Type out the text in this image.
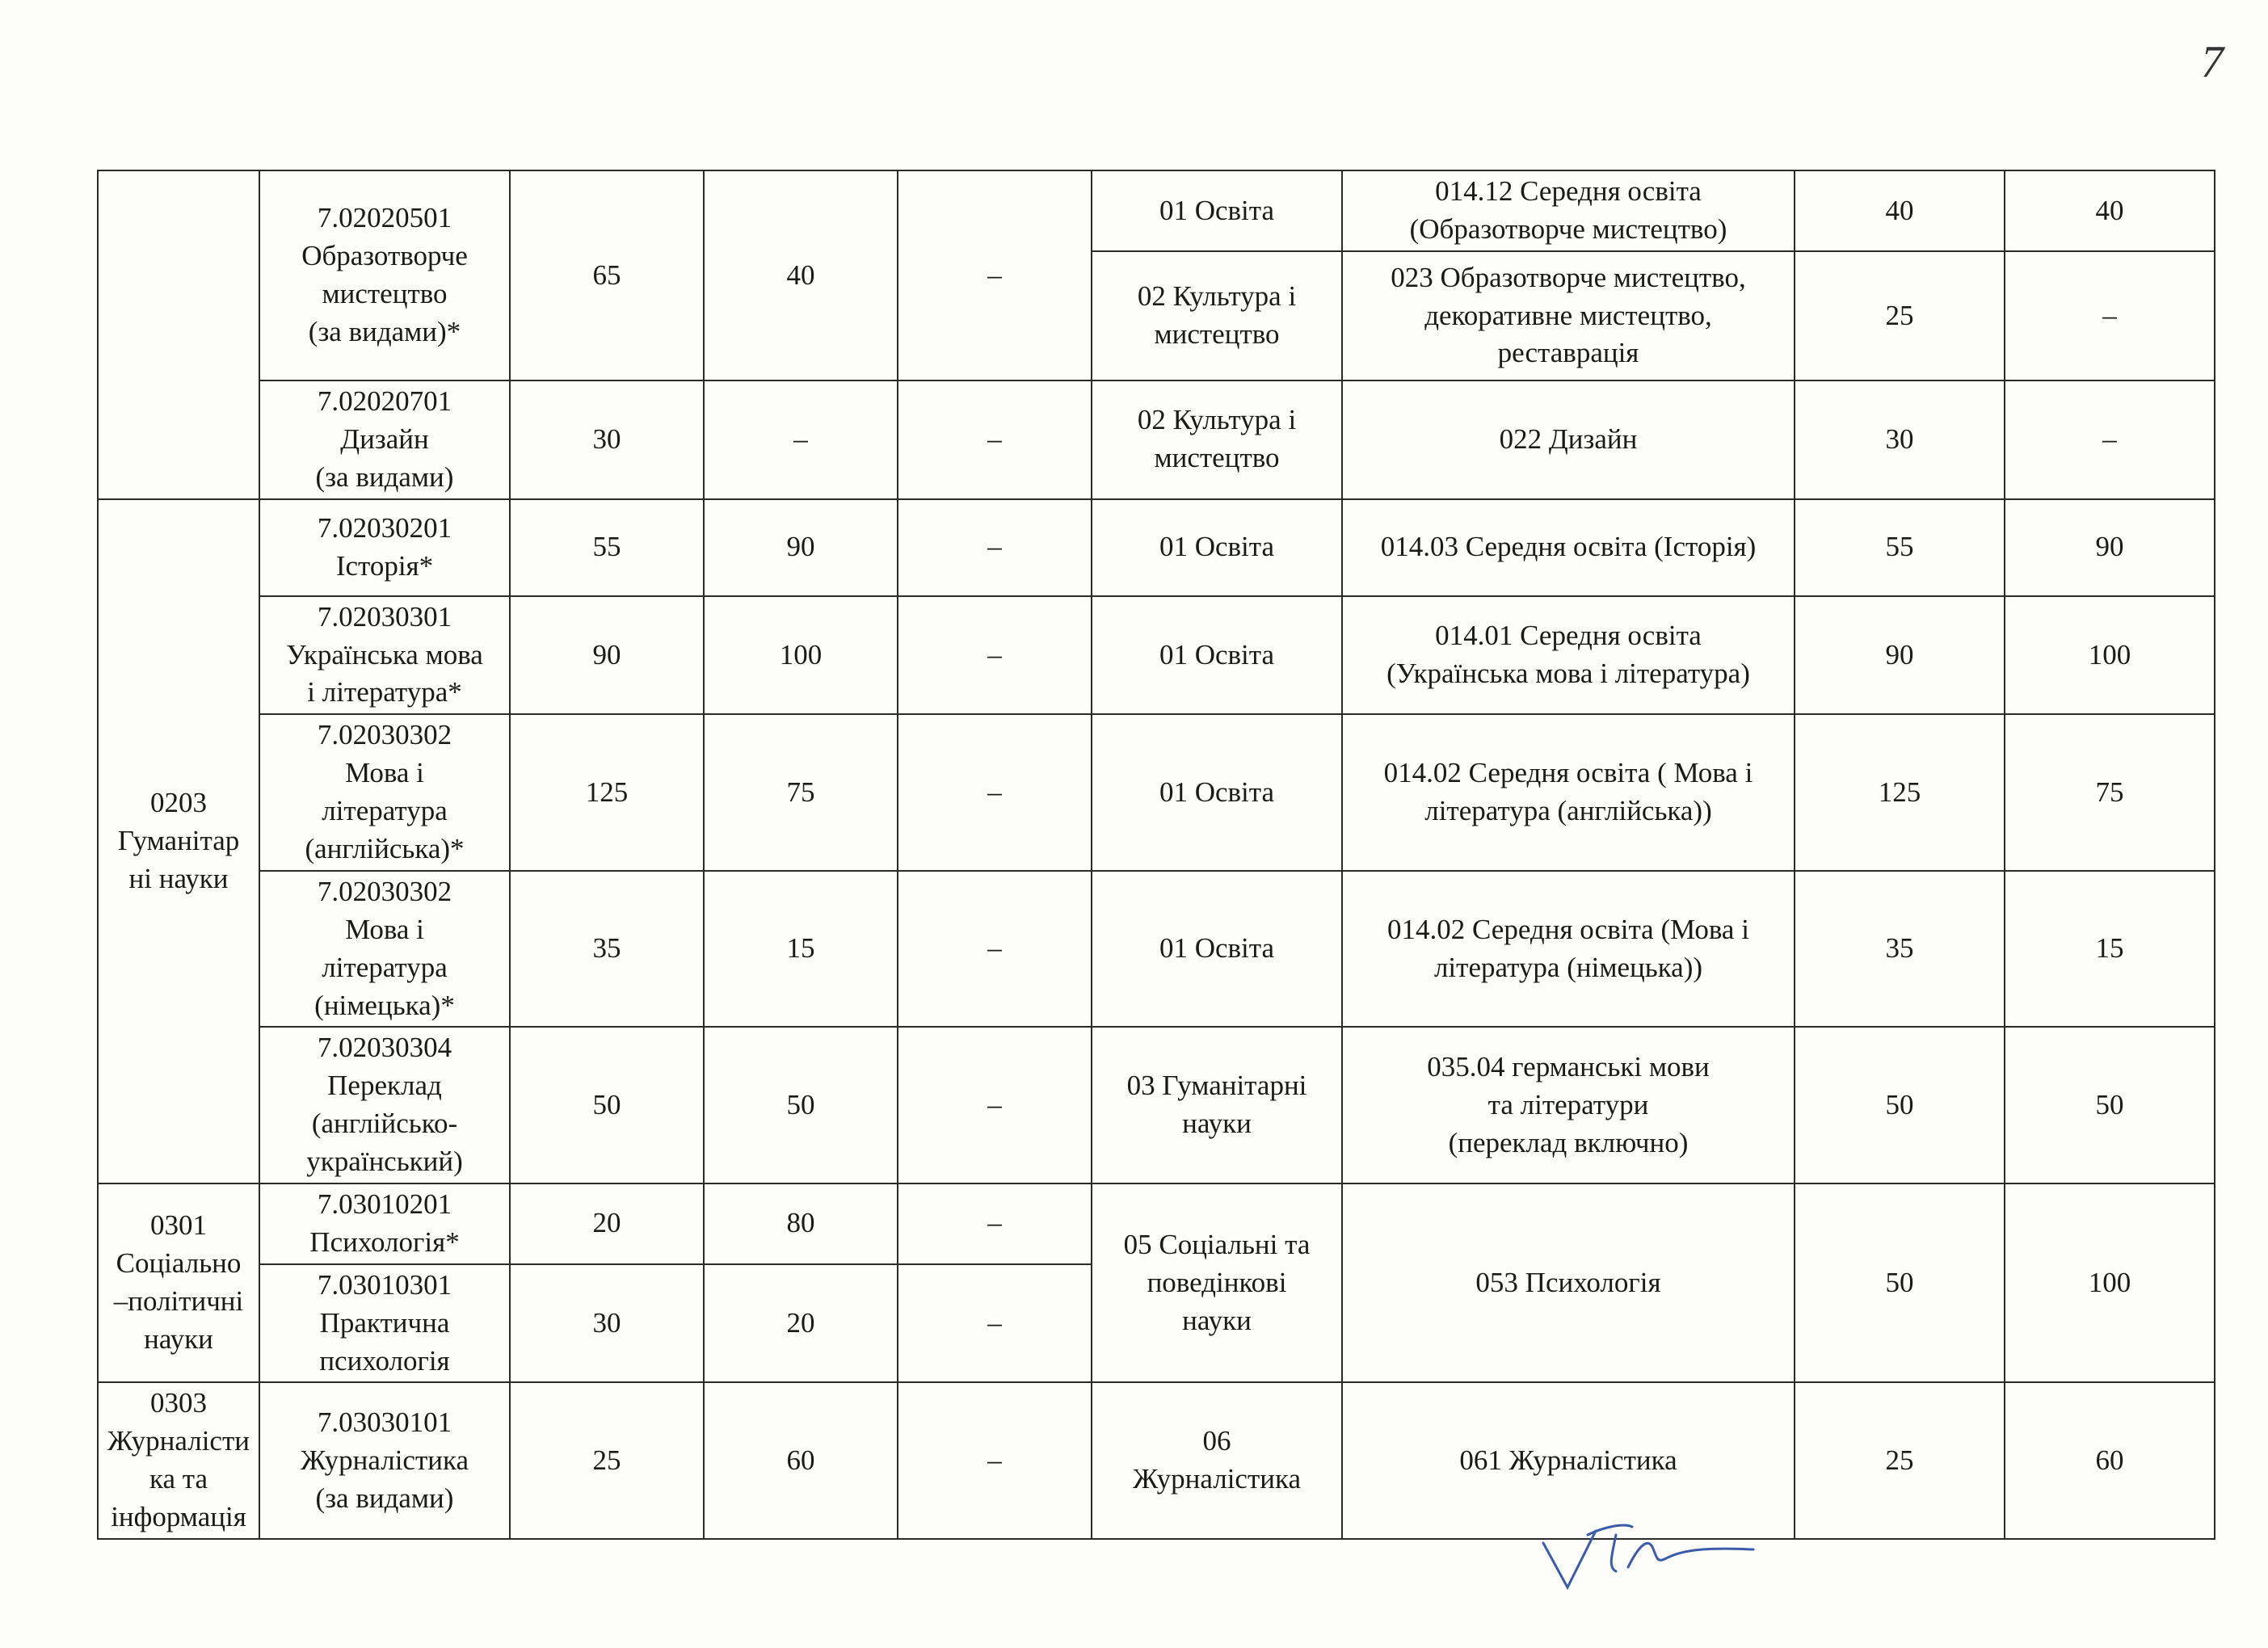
7
	7.02020501
Образотворче
мистецтво
(за видами)*	65	40	–	01 Освіта	014.12 Середня освіта
(Образотворче мистецтво)	40	40
					02 Культура і
мистецтво	023 Образотворче мистецтво,
декоративне мистецтво,
реставрація	25	–
	7.02020701
Дизайн
(за видами)	30	–	–	02 Культура і
мистецтво	022 Дизайн	30	–
0203
Гуманітар
ні науки	7.02030201
Історія*	55	90	–	01 Освіта	014.03 Середня освіта (Історія)	55	90
	7.02030301
Українська мова
і література*	90	100	–	01 Освіта	014.01 Середня освіта
(Українська мова і література)	90	100
	7.02030302
Мова і
література
(англійська)*	125	75	–	01 Освіта	014.02 Середня освіта ( Мова і
література (англійська))	125	75
	7.02030302
Мова і
література
(німецька)*	35	15	–	01 Освіта	014.02 Середня освіта (Мова і
література (німецька))	35	15
	7.02030304
Переклад
(англійсько-
український)	50	50	–	03 Гуманітарні
науки	035.04 германські мови
та літератури
(переклад включно)	50	50
0301
Соціально
–політичні
науки	7.03010201
Психологія*	20	80	–	05 Соціальні та
поведінкові
науки	053 Психологія	50	100
	7.03010301
Практична
психологія	30	20	–				
0303
Журналісти
ка та
інформація	7.03030101
Журналістика
(за видами)	25	60	–	06
Журналістика	061 Журналістика	25	60
